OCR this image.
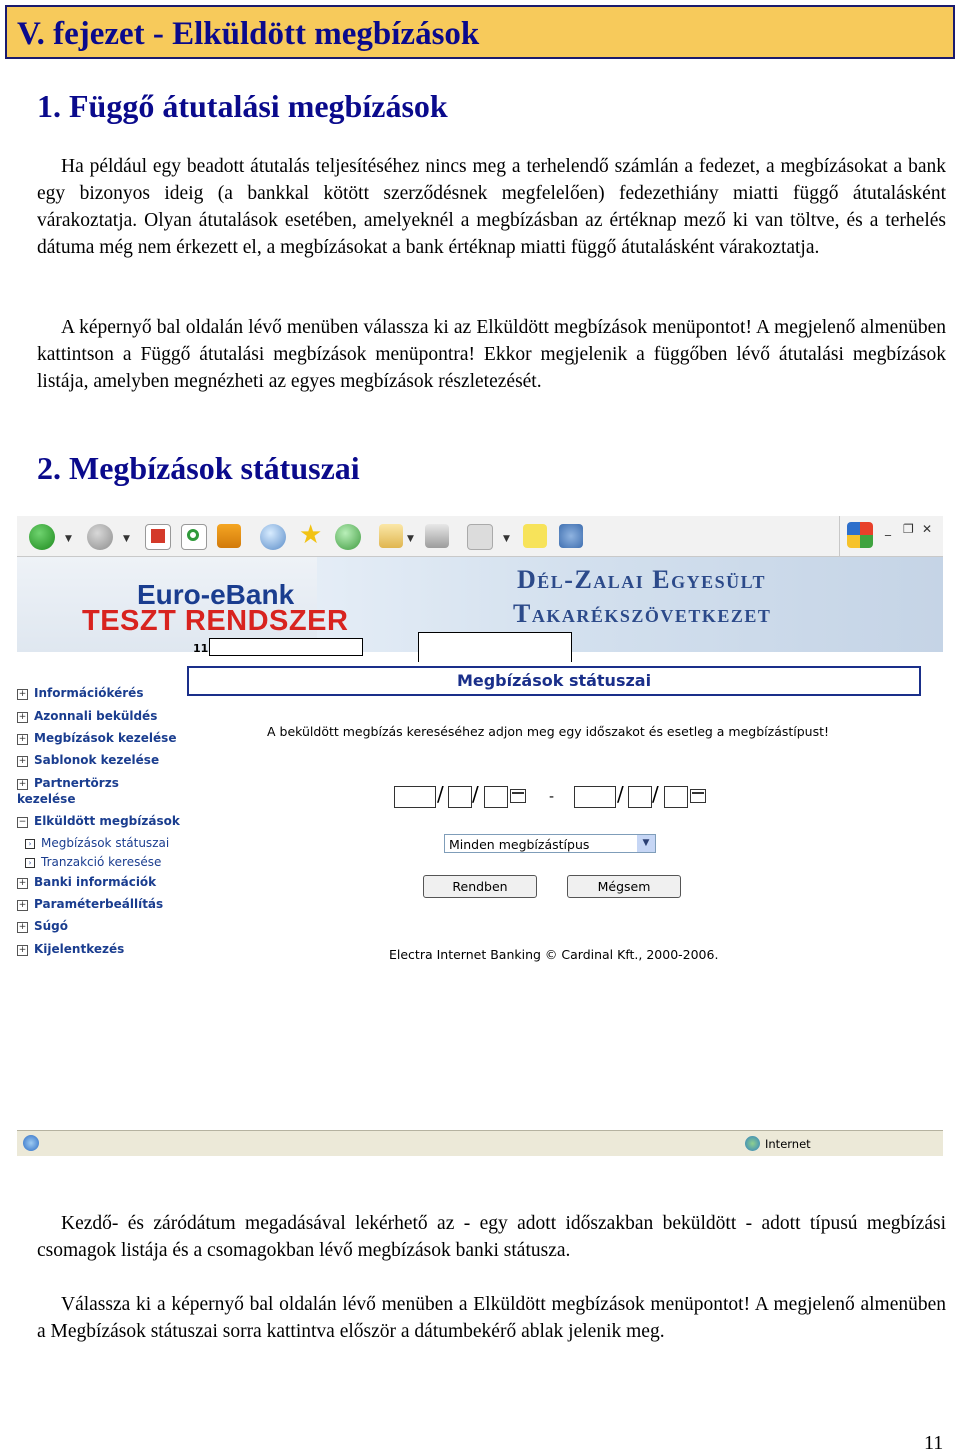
V. fejezet - Elküldött megbízások
1. Függő átutalási megbízások

Ha például egy beadott átutalás teljesítéséhez nincs meg a terhelendő számlán a fedezet, a megbízásokat a bank egy bizonyos ideig (a bankkal kötött szerződésnek megfelelően) fedezethiány miatti függő átutalásként várakoztatja. Olyan átutalások esetében, amelyeknél a megbízásban az értéknap mező ki van töltve, és a terhelés dátuma még nem érkezett el, a megbízásokat a bank értéknap miatti függő átutalásként várakoztatja.

A képernyő bal oldalán lévő menüben válassza ki az Elküldött megbízások menüpontot! A megjelenő almenüben kattintson a Függő átutalási megbízások menüpontra! Ekkor megjelenik a függőben lévő átutalási megbízások listája, amelyben megnézheti az egyes megbízások részletezését.

2. Megbízások státuszai
▼	▼	★	▼	▼
_ ❐ ✕
Euro-eBank
TESZT RENDSZER
Dél-Zalai Egyesült
Takarékszövetkezet
11
+ Információkérés
+ Azonnali beküldés
+ Megbízások kezelése
+ Sablonok kezelése
+ Partnertörzs
kezelése
− Elküldött megbízások
› Megbízások státuszai
› Tranzakció keresése
+ Banki információk
+ Paraméterbeállítás
+ Súgó
+ Kijelentkezés
Megbízások státuszai
A beküldött megbízás kereséséhez adjon meg egy időszakot és esetleg a megbízástípust!
/ /	-	/ /
Minden megbízástípus	▼
Rendben	Mégsem
Electra Internet Banking © Cardinal Kft., 2000-2006.
Internet

Kezdő- és záródátum megadásával lekérhető az - egy adott időszakban beküldött - adott típusú megbízási csomagok listája és a csomagokban lévő megbízások banki státusza.

Válassza ki a képernyő bal oldalán lévő menüben a Elküldött megbízások menüpontot! A megjelenő almenüben a Megbízások státuszai sorra kattintva először a dátumbekérő ablak jelenik meg.

11
